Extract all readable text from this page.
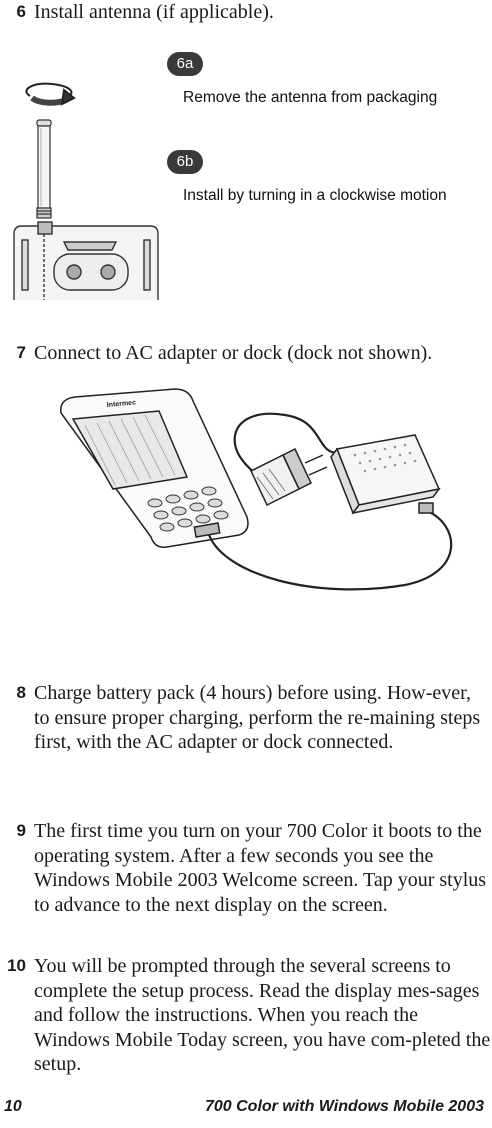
6 Install antenna (if applicable).
6a
Remove the antenna from packaging
6b
Install by turning in a clockwise motion
7 Connect to AC adapter or dock (dock not shown).
Intermec
8 Charge battery pack (4 hours) before using. How-ever, to ensure proper charging, perform the re-maining steps first, with the AC adapter or dock connected.
9 The first time you turn on your 700 Color it boots to the operating system. After a few seconds you see the Windows Mobile 2003 Welcome screen. Tap your stylus to advance to the next display on the screen.
10 You will be prompted through the several screens to complete the setup process. Read the display mes-sages and follow the instructions. When you reach the Windows Mobile Today screen, you have com-pleted the setup.
10	700 Color with Windows Mobile 2003
